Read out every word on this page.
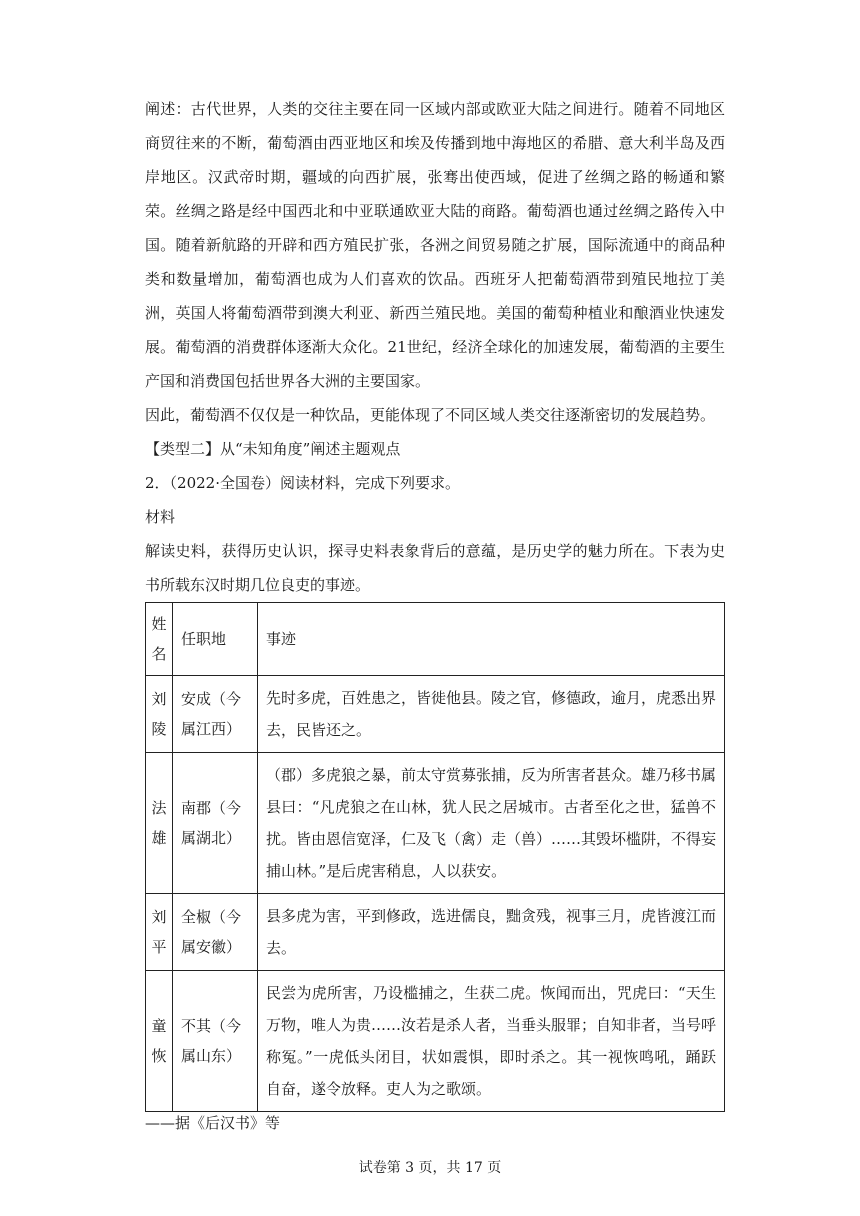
阐述：古代世界，人类的交往主要在同一区域内部或欧亚大陆之间进行。随着不同地区商贸往来的不断，葡萄酒由西亚地区和埃及传播到地中海地区的希腊、意大利半岛及西岸地区。汉武帝时期，疆域的向西扩展，张骞出使西域，促进了丝绸之路的畅通和繁荣。丝绸之路是经中国西北和中亚联通欧亚大陆的商路。葡萄酒也通过丝绸之路传入中国。随着新航路的开辟和西方殖民扩张，各洲之间贸易随之扩展，国际流通中的商品种类和数量增加，葡萄酒也成为人们喜欢的饮品。西班牙人把葡萄酒带到殖民地拉丁美洲，英国人将葡萄酒带到澳大利亚、新西兰殖民地。美国的葡萄种植业和酿酒业快速发展。葡萄酒的消费群体逐渐大众化。21世纪，经济全球化的加速发展，葡萄酒的主要生产国和消费国包括世界各大洲的主要国家。

因此，葡萄酒不仅仅是一种饮品，更能体现了不同区域人类交往逐渐密切的发展趋势。

【类型二】从“未知角度”阐述主题观点

2．（2022·全国卷）阅读材料，完成下列要求。

材料

解读史料，获得历史认识，探寻史料表象背后的意蕴，是历史学的魅力所在。下表为史书所载东汉时期几位良吏的事迹。

姓名	任职地	事迹
刘陵	安成（今属江西）	先时多虎，百姓患之，皆徙他县。陵之官，修德政，逾月，虎悉出界去，民皆还之。
法雄	南郡（今属湖北）	（郡）多虎狼之暴，前太守赏募张捕，反为所害者甚众。雄乃移书属县曰：“凡虎狼之在山林，犹人民之居城市。古者至化之世，猛兽不扰。皆由恩信宽泽，仁及飞（禽）走（兽）……其毁坏槛阱，不得妄捕山林。”是后虎害稍息，人以获安。
刘平	全椒（今属安徽）	县多虎为害，平到修政，选进儒良，黜贪残，视事三月，虎皆渡江而去。
童恢	不其（今属山东）	民尝为虎所害，乃设槛捕之，生获二虎。恢闻而出，咒虎曰：“天生万物，唯人为贵……汝若是杀人者，当垂头服罪；自知非者，当号呼称冤。”一虎低头闭目，状如震惧，即时杀之。其一视恢鸣吼，踊跃自奋，遂令放释。吏人为之歌颂。
——据《后汉书》等
试卷第 3 页，共 17 页
